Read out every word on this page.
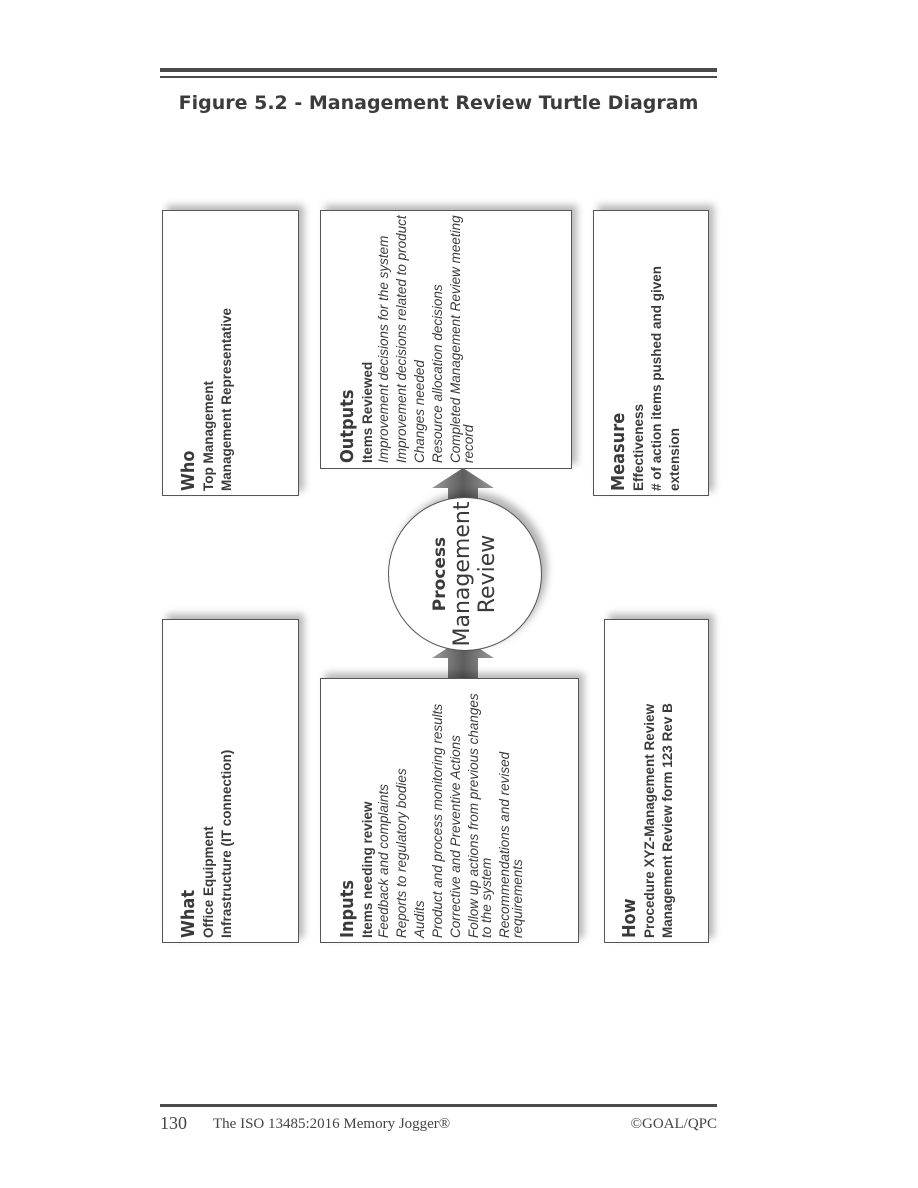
Figure 5.2 - Management Review Turtle Diagram
Who Top Management Management Representative	Outputs Items Reviewed Improvement decisions for the system Improvement decisions related to product Changes needed Resource allocation decisions Completed Management Review meeting record	Measure Effectiveness # of action items pushed and given extension
Process Management Review
What Office Equipment Infrastructure (IT connection)	Inputs Items needing review Feedback and complaints Reports to regulatory bodies Audits Product and process monitoring results Corrective and Preventive Actions Follow up actions from previous changes to the system Recommendations and revised requirements	How Procedure XYZ-Management Review Management Review form 123 Rev B
130 The ISO 13485:2016 Memory Jogger®	©GOAL/QPC
